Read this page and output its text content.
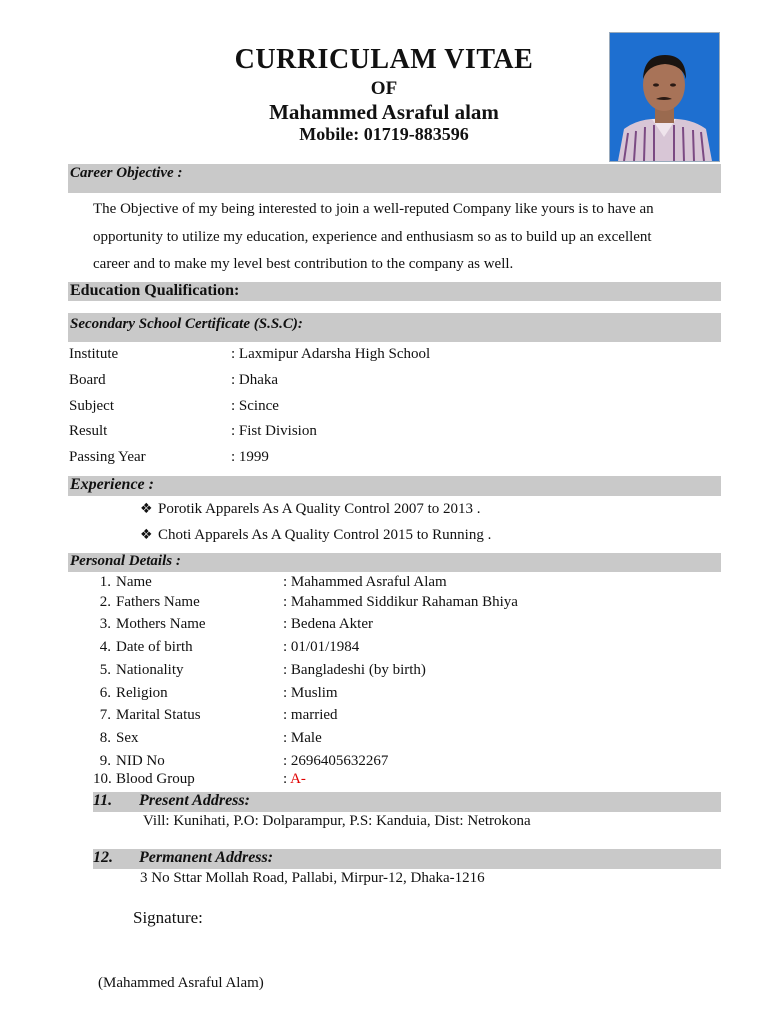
CURRICULAM VITAE
OF
Mahammed Asraful alam
Mobile: 01719-883596
Career Objective :
The Objective of my being interested to join a well-reputed Company like yours is to have an
opportunity to utilize my education, experience and enthusiasm so as to build up an excellent
career and to make my level best contribution to the company as well.
Education Qualification:
Secondary School Certificate (S.S.C):
Institute	: Laxmipur Adarsha High School
Board	: Dhaka
Subject	: Scince
Result	: Fist Division
Passing Year	: 1999
Experience :
❖ Porotik Apparels As A Quality Control 2007 to 2013 .
❖ Choti Apparels As A Quality Control 2015 to Running .
Personal Details :
1. Name	: Mahammed Asraful Alam
2. Fathers Name	: Mahammed Siddikur Rahaman Bhiya
3. Mothers Name	: Bedena Akter
4. Date of birth	: 01/01/1984
5. Nationality	: Bangladeshi (by birth)
6. Religion	: Muslim
7. Marital Status	: married
8. Sex	: Male
9. NID No	: 2696405632267
10. Blood Group	: A-
11. Present Address:
Vill: Kunihati, P.O: Dolparampur, P.S: Kanduia, Dist: Netrokona
12. Permanent Address:
3 No Sttar Mollah Road, Pallabi, Mirpur-12, Dhaka-1216
Signature:
(Mahammed Asraful Alam)
